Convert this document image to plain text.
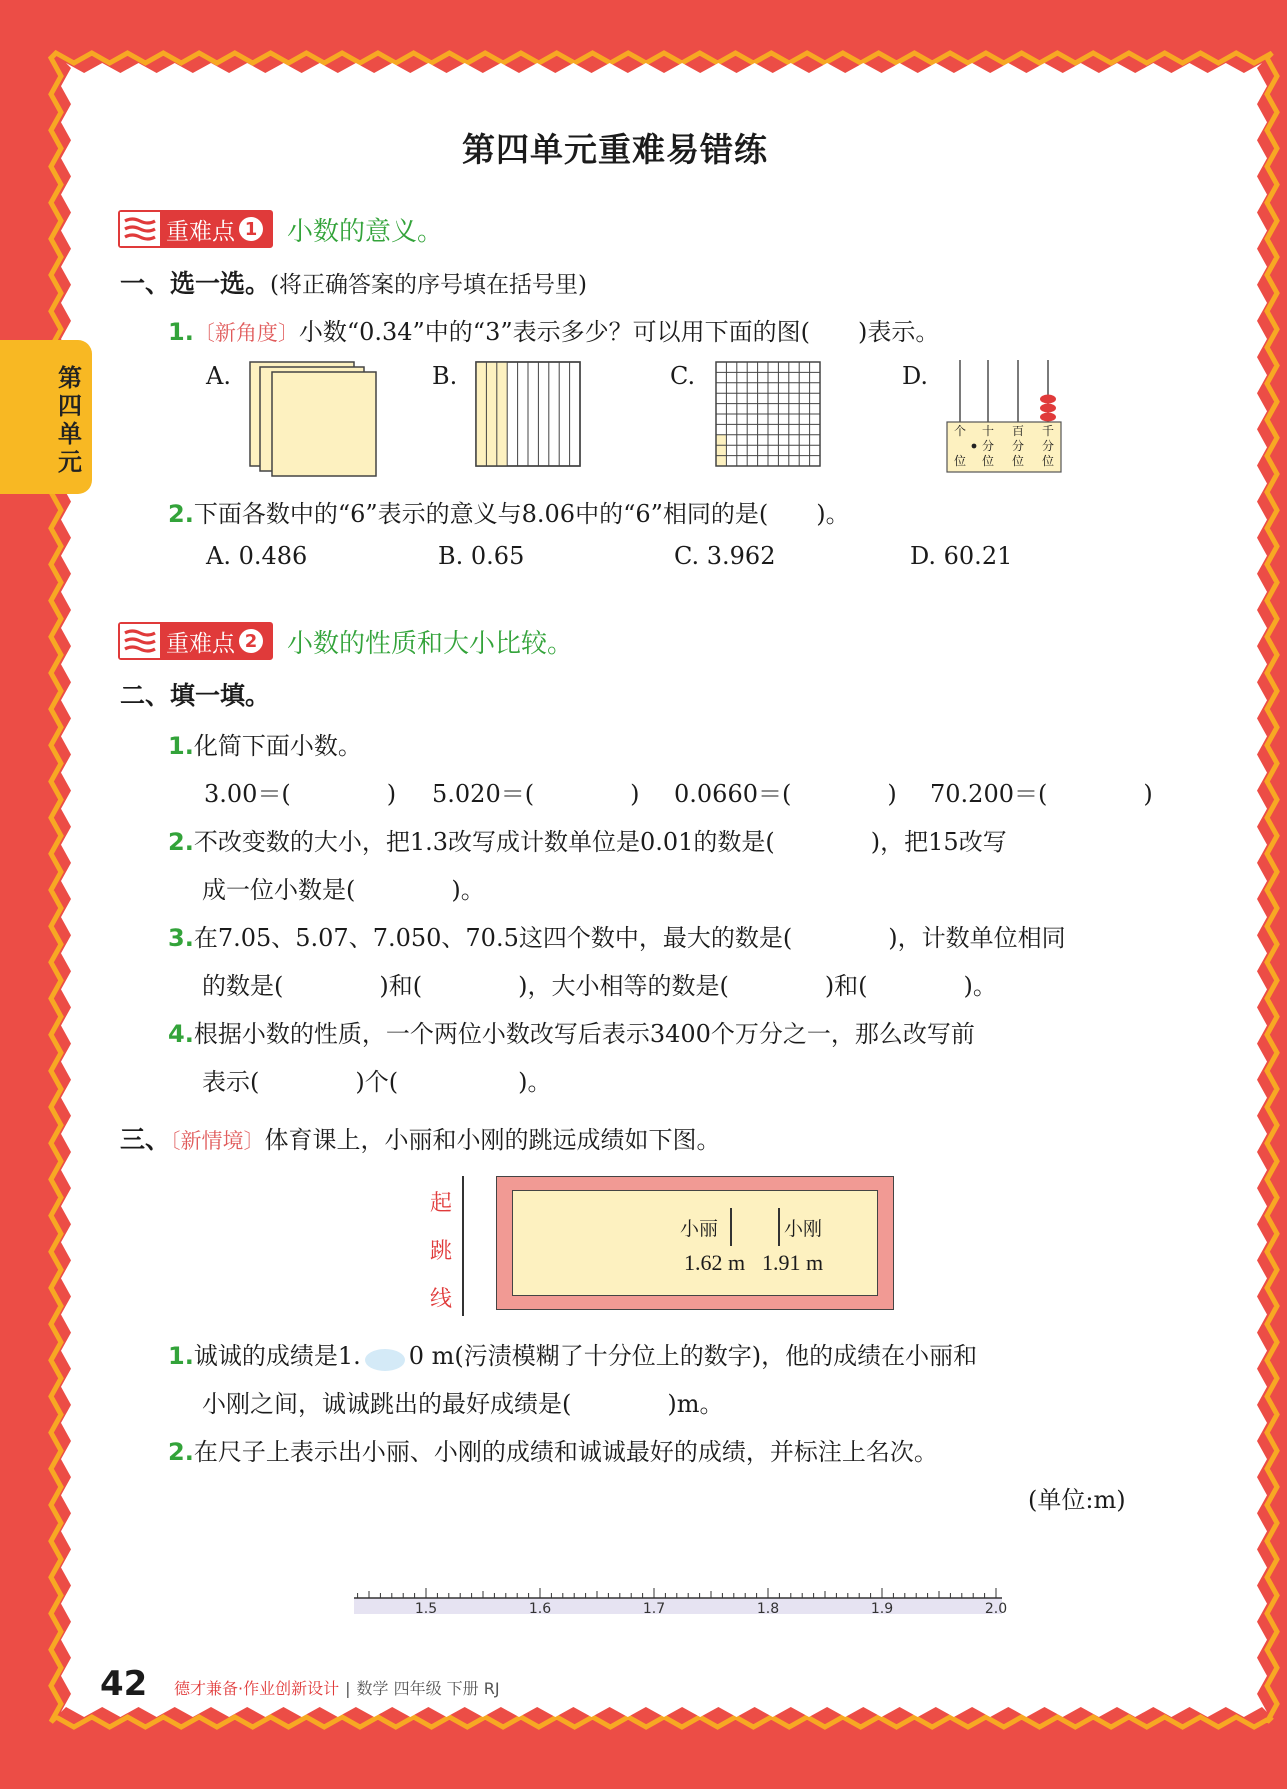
第四单元
第四单元重难易错练
重难点 1 小数的意义。
一、选一选。(将正确答案的序号填在括号里)
1.〔新角度〕小数“0.34”中的“3”表示多少？可以用下面的图(　　)表示。
A.	B.	C.	D.
个
位
十
分
位
百
分
位
千
分
位
2.下面各数中的“6”表示的意义与8.06中的“6”相同的是(　　)。
A. 0.486	B. 0.65	C. 3.962	D. 60.21
重难点 2 小数的性质和大小比较。
二、填一填。
1.化简下面小数。
3.00＝(　　　　) 5.020＝(　　　　) 0.0660＝(　　　　) 70.200＝(　　　　)
2.不改变数的大小，把1.3改写成计数单位是0.01的数是(　　　　)，把15改写
成一位小数是(　　　　)。
3.在7.05、5.07、7.050、70.5这四个数中，最大的数是(　　　　)，计数单位相同
的数是(　　　　)和(　　　　)，大小相等的数是(　　　　)和(　　　　)。
4.根据小数的性质，一个两位小数改写后表示3400个万分之一，那么改写前
表示(　　　　)个(　　　　　)。
三、〔新情境〕体育课上，小丽和小刚的跳远成绩如下图。
起
跳
线
小丽	小刚
1.62 m 1.91 m
1.诚诚的成绩是1. 0 m(污渍模糊了十分位上的数字)，他的成绩在小丽和
小刚之间，诚诚跳出的最好成绩是(　　　　)m。
2.在尺子上表示出小丽、小刚的成绩和诚诚最好的成绩，并标注上名次。
(单位:m)
1.5	1.6	1.7	1.8	1.9	2.0
42 德才兼备·作业创新设计 | 数学 四年级 下册 RJ
